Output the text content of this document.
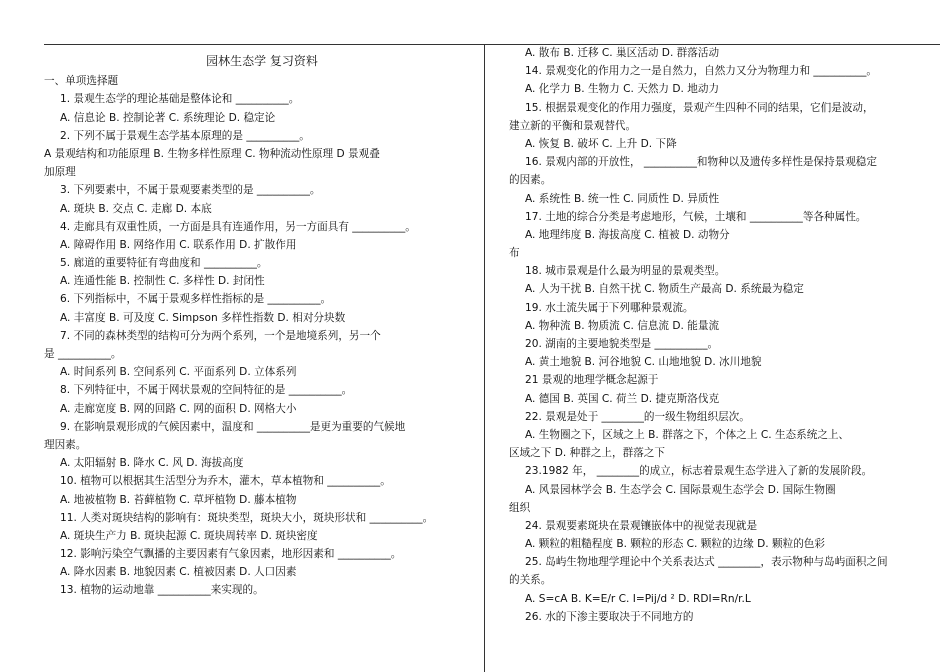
园林生态学 复习资料
一、单项选择题
1. 景观生态学的理论基础是整体论和 __________。
A. 信息论 B. 控制论著 C. 系统理论 D. 稳定论
2. 下列不属于景观生态学基本原理的是 __________。
A 景观结构和功能原理 B. 生物多样性原理 C. 物种流动性原理 D 景观叠
加原理
3. 下列要素中，不属于景观要素类型的是 __________。
A. 斑块 B. 交点 C. 走廊 D. 本底
4. 走廊具有双重性质，一方面是具有连通作用，另一方面具有 __________。
A. 障碍作用 B. 网络作用 C. 联系作用 D. 扩散作用
5. 廊道的重要特征有弯曲度和 __________。
A. 连通性能 B. 控制性 C. 多样性 D. 封闭性
6. 下列指标中，不属于景观多样性指标的是 __________。
A. 丰富度 B. 可及度 C. Simpson 多样性指数 D. 相对分块数
7. 不同的森林类型的结构可分为两个系列，一个是地境系列，另一个
是 __________。
A. 时间系列 B. 空间系列 C. 平面系列 D. 立体系列
8. 下列特征中，不属于网状景观的空间特征的是 __________。
A. 走廊宽度 B. 网的回路 C. 网的面积 D. 网格大小
9. 在影响景观形成的气候因素中，温度和 __________是更为重要的气候地
理因素。
A. 太阳辐射 B. 降水 C. 风 D. 海拔高度
10. 植物可以根据其生活型分为乔木，灌木，草本植物和 __________。
A. 地被植物 B. 苔藓植物 C. 草坪植物 D. 藤本植物
11. 人类对斑块结构的影响有：斑块类型，斑块大小，斑块形状和 __________。
A. 斑块生产力 B. 斑块起源 C. 斑块周转率 D. 斑块密度
12. 影响污染空气飘播的主要因素有气象因素，地形因素和 __________。
A. 降水因素 B. 地貌因素 C. 植被因素 D. 人口因素
13. 植物的运动地靠 __________来实现的。
A. 散布 B. 迁移 C. 巢区活动 D. 群落活动
14. 景观变化的作用力之一是自然力，自然力又分为物理力和 __________。
A. 化学力 B. 生物力 C. 天然力 D. 地动力
15. 根据景观变化的作用力强度，景观产生四种不同的结果，它们是波动，
建立新的平衡和景观替代。
A. 恢复 B. 破坏 C. 上升 D. 下降
16. 景观内部的开放性， __________和物种以及遗传多样性是保持景观稳定
的因素。
A. 系统性 B. 统一性 C. 同质性 D. 异质性
17. 土地的综合分类是考虑地形，气候，土壤和 __________等各种属性。
A. 地理纬度 B. 海拔高度 C. 植被 D. 动物分
布
18. 城市景观是什么最为明显的景观类型。
A. 人为干扰 B. 自然干扰 C. 物质生产最高 D. 系统最为稳定
19. 水土流失属于下列哪种景观流。
A. 物种流 B. 物质流 C. 信息流 D. 能量流
20. 湖南的主要地貌类型是 __________。
A. 黄土地貌 B. 河谷地貌 C. 山地地貌 D. 冰川地貌
21 景观的地理学概念起源于
A. 德国 B. 英国 C. 荷兰 D. 捷克斯洛伐克
22. 景观是处于 ________的一级生物组织层次。
A. 生物圈之下，区域之上 B. 群落之下，个体之上 C. 生态系统之上、
区域之下 D. 种群之上，群落之下
23.1982 年， ________的成立，标志着景观生态学进入了新的发展阶段。
A. 风景园林学会 B. 生态学会 C. 国际景观生态学会 D. 国际生物圈
组织
24. 景观要素斑块在景观镶嵌体中的视觉表现就是
A. 颗粒的粗糙程度 B. 颗粒的形态 C. 颗粒的边缘 D. 颗粒的色彩
25. 岛屿生物地理学理论中个关系表达式 ________，表示物种与岛屿面积之间
的关系。
A. S=cA B. K=E/r C. I=Pij/d ² D. RDI=Rn/r.L
26. 水的下渗主要取决于不同地方的
